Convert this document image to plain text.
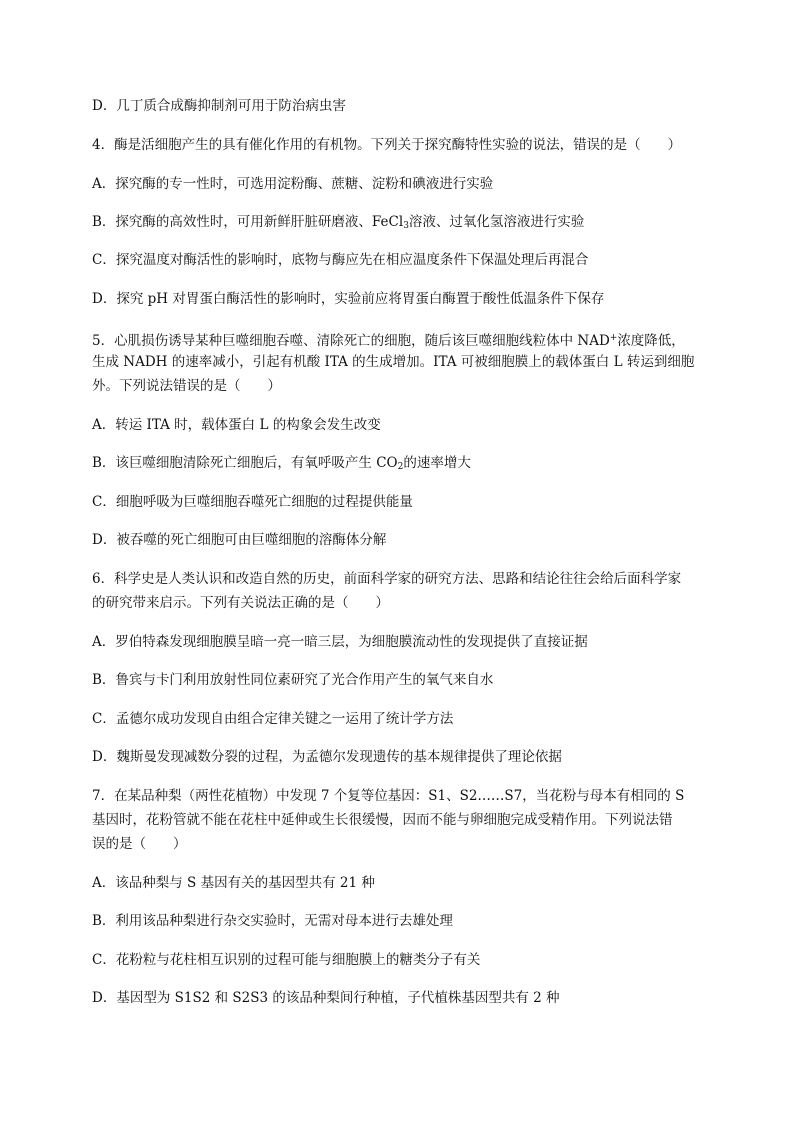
D．几丁质合成酶抑制剂可用于防治病虫害
4．酶是活细胞产生的具有催化作用的有机物。下列关于探究酶特性实验的说法，错误的是（　　）
A．探究酶的专一性时，可选用淀粉酶、蔗糖、淀粉和碘液进行实验
B．探究酶的高效性时，可用新鲜肝脏研磨液、FeCl$_3$溶液、过氧化氢溶液进行实验
C．探究温度对酶活性的影响时，底物与酶应先在相应温度条件下保温处理后再混合
D．探究 pH 对胃蛋白酶活性的影响时，实验前应将胃蛋白酶置于酸性低温条件下保存
5．心肌损伤诱导某种巨噬细胞吞噬、清除死亡的细胞，随后该巨噬细胞线粒体中 NAD+浓度降低，
生成 NADH 的速率减小，引起有机酸 ITA 的生成增加。ITA 可被细胞膜上的载体蛋白 L 转运到细胞
外。下列说法错误的是（　　）
A．转运 ITA 时，载体蛋白 L 的构象会发生改变
B．该巨噬细胞清除死亡细胞后，有氧呼吸产生 $CO_2$的速率增大
C．细胞呼吸为巨噬细胞吞噬死亡细胞的过程提供能量
D．被吞噬的死亡细胞可由巨噬细胞的溶酶体分解
6．科学史是人类认识和改造自然的历史，前面科学家的研究方法、思路和结论往往会给后面科学家
的研究带来启示。下列有关说法正确的是（　　）
A．罗伯特森发现细胞膜呈暗一亮一暗三层，为细胞膜流动性的发现提供了直接证据
B．鲁宾与卡门利用放射性同位素研究了光合作用产生的氧气来自水
C．孟德尔成功发现自由组合定律关键之一运用了统计学方法
D．魏斯曼发现减数分裂的过程，为孟德尔发现遗传的基本规律提供了理论依据
7．在某品种梨（两性花植物）中发现 7 个复等位基因：S1、S2……S7，当花粉与母本有相同的 S
基因时，花粉管就不能在花柱中延伸或生长很缓慢，因而不能与卵细胞完成受精作用。下列说法错
误的是（　　）
A．该品种梨与 S 基因有关的基因型共有 21 种
B．利用该品种梨进行杂交实验时，无需对母本进行去雄处理
C．花粉粒与花柱相互识别的过程可能与细胞膜上的糖类分子有关
D．基因型为 S1S2 和 S2S3 的该品种梨间行种植，子代植株基因型共有 2 种
